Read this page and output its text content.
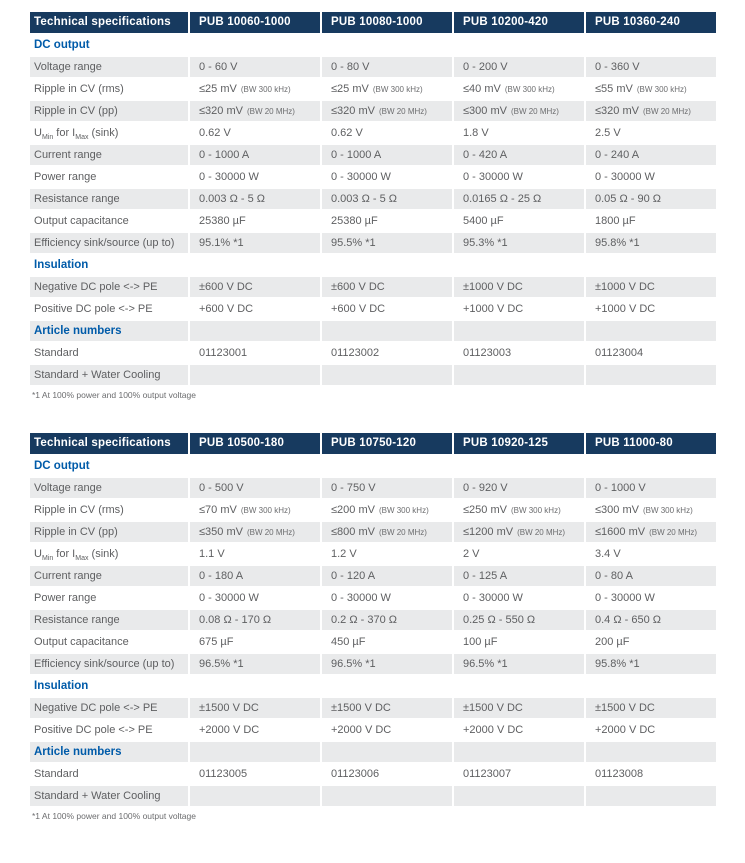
Technical specifications	PUB 10060-1000	PUB 10080-1000	PUB 10200-420	PUB 10360-240
DC output
Voltage range	0 - 60 V	0 - 80 V	0 - 200 V	0 - 360 V
Ripple in CV (rms)	≤25 mV (BW 300 kHz)	≤25 mV (BW 300 kHz)	≤40 mV (BW 300 kHz)	≤55 mV (BW 300 kHz)
Ripple in CV (pp)	≤320 mV (BW 20 MHz)	≤320 mV (BW 20 MHz)	≤300 mV (BW 20 MHz)	≤320 mV (BW 20 MHz)
$U_{Min}$ for $I_{Max}$ (sink)	0.62 V	0.62 V	1.8 V	2.5 V
Current range	0 - 1000 A	0 - 1000 A	0 - 420 A	0 - 240 A
Power range	0 - 30000 W	0 - 30000 W	0 - 30000 W	0 - 30000 W
Resistance range	0.003 Ω - 5 Ω	0.003 Ω - 5 Ω	0.0165 Ω - 25 Ω	0.05 Ω - 90 Ω
Output capacitance	25380 µF	25380 µF	5400 µF	1800 µF
Efficiency sink/source (up to)	95.1% *1	95.5% *1	95.3% *1	95.8% *1
Insulation
Negative DC pole <-> PE	±600 V DC	±600 V DC	±1000 V DC	±1000 V DC
Positive DC pole <-> PE	+600 V DC	+600 V DC	+1000 V DC	+1000 V DC
Article numbers
Standard	01123001	01123002	01123003	01123004
Standard + Water Cooling
*1 At 100% power and 100% output voltage
Technical specifications	PUB 10500-180	PUB 10750-120	PUB 10920-125	PUB 11000-80
DC output
Voltage range	0 - 500 V	0 - 750 V	0 - 920 V	0 - 1000 V
Ripple in CV (rms)	≤70 mV (BW 300 kHz)	≤200 mV (BW 300 kHz)	≤250 mV (BW 300 kHz)	≤300 mV (BW 300 kHz)
Ripple in CV (pp)	≤350 mV (BW 20 MHz)	≤800 mV (BW 20 MHz)	≤1200 mV (BW 20 MHz)	≤1600 mV (BW 20 MHz)
$U_{Min}$ for $I_{Max}$ (sink)	1.1 V	1.2 V	2 V	3.4 V
Current range	0 - 180 A	0 - 120 A	0 - 125 A	0 - 80 A
Power range	0 - 30000 W	0 - 30000 W	0 - 30000 W	0 - 30000 W
Resistance range	0.08 Ω - 170 Ω	0.2 Ω - 370 Ω	0.25 Ω - 550 Ω	0.4 Ω - 650 Ω
Output capacitance	675 µF	450 µF	100 µF	200 µF
Efficiency sink/source (up to)	96.5% *1	96.5% *1	96.5% *1	95.8% *1
Insulation
Negative DC pole <-> PE	±1500 V DC	±1500 V DC	±1500 V DC	±1500 V DC
Positive DC pole <-> PE	+2000 V DC	+2000 V DC	+2000 V DC	+2000 V DC
Article numbers
Standard	01123005	01123006	01123007	01123008
Standard + Water Cooling
*1 At 100% power and 100% output voltage
